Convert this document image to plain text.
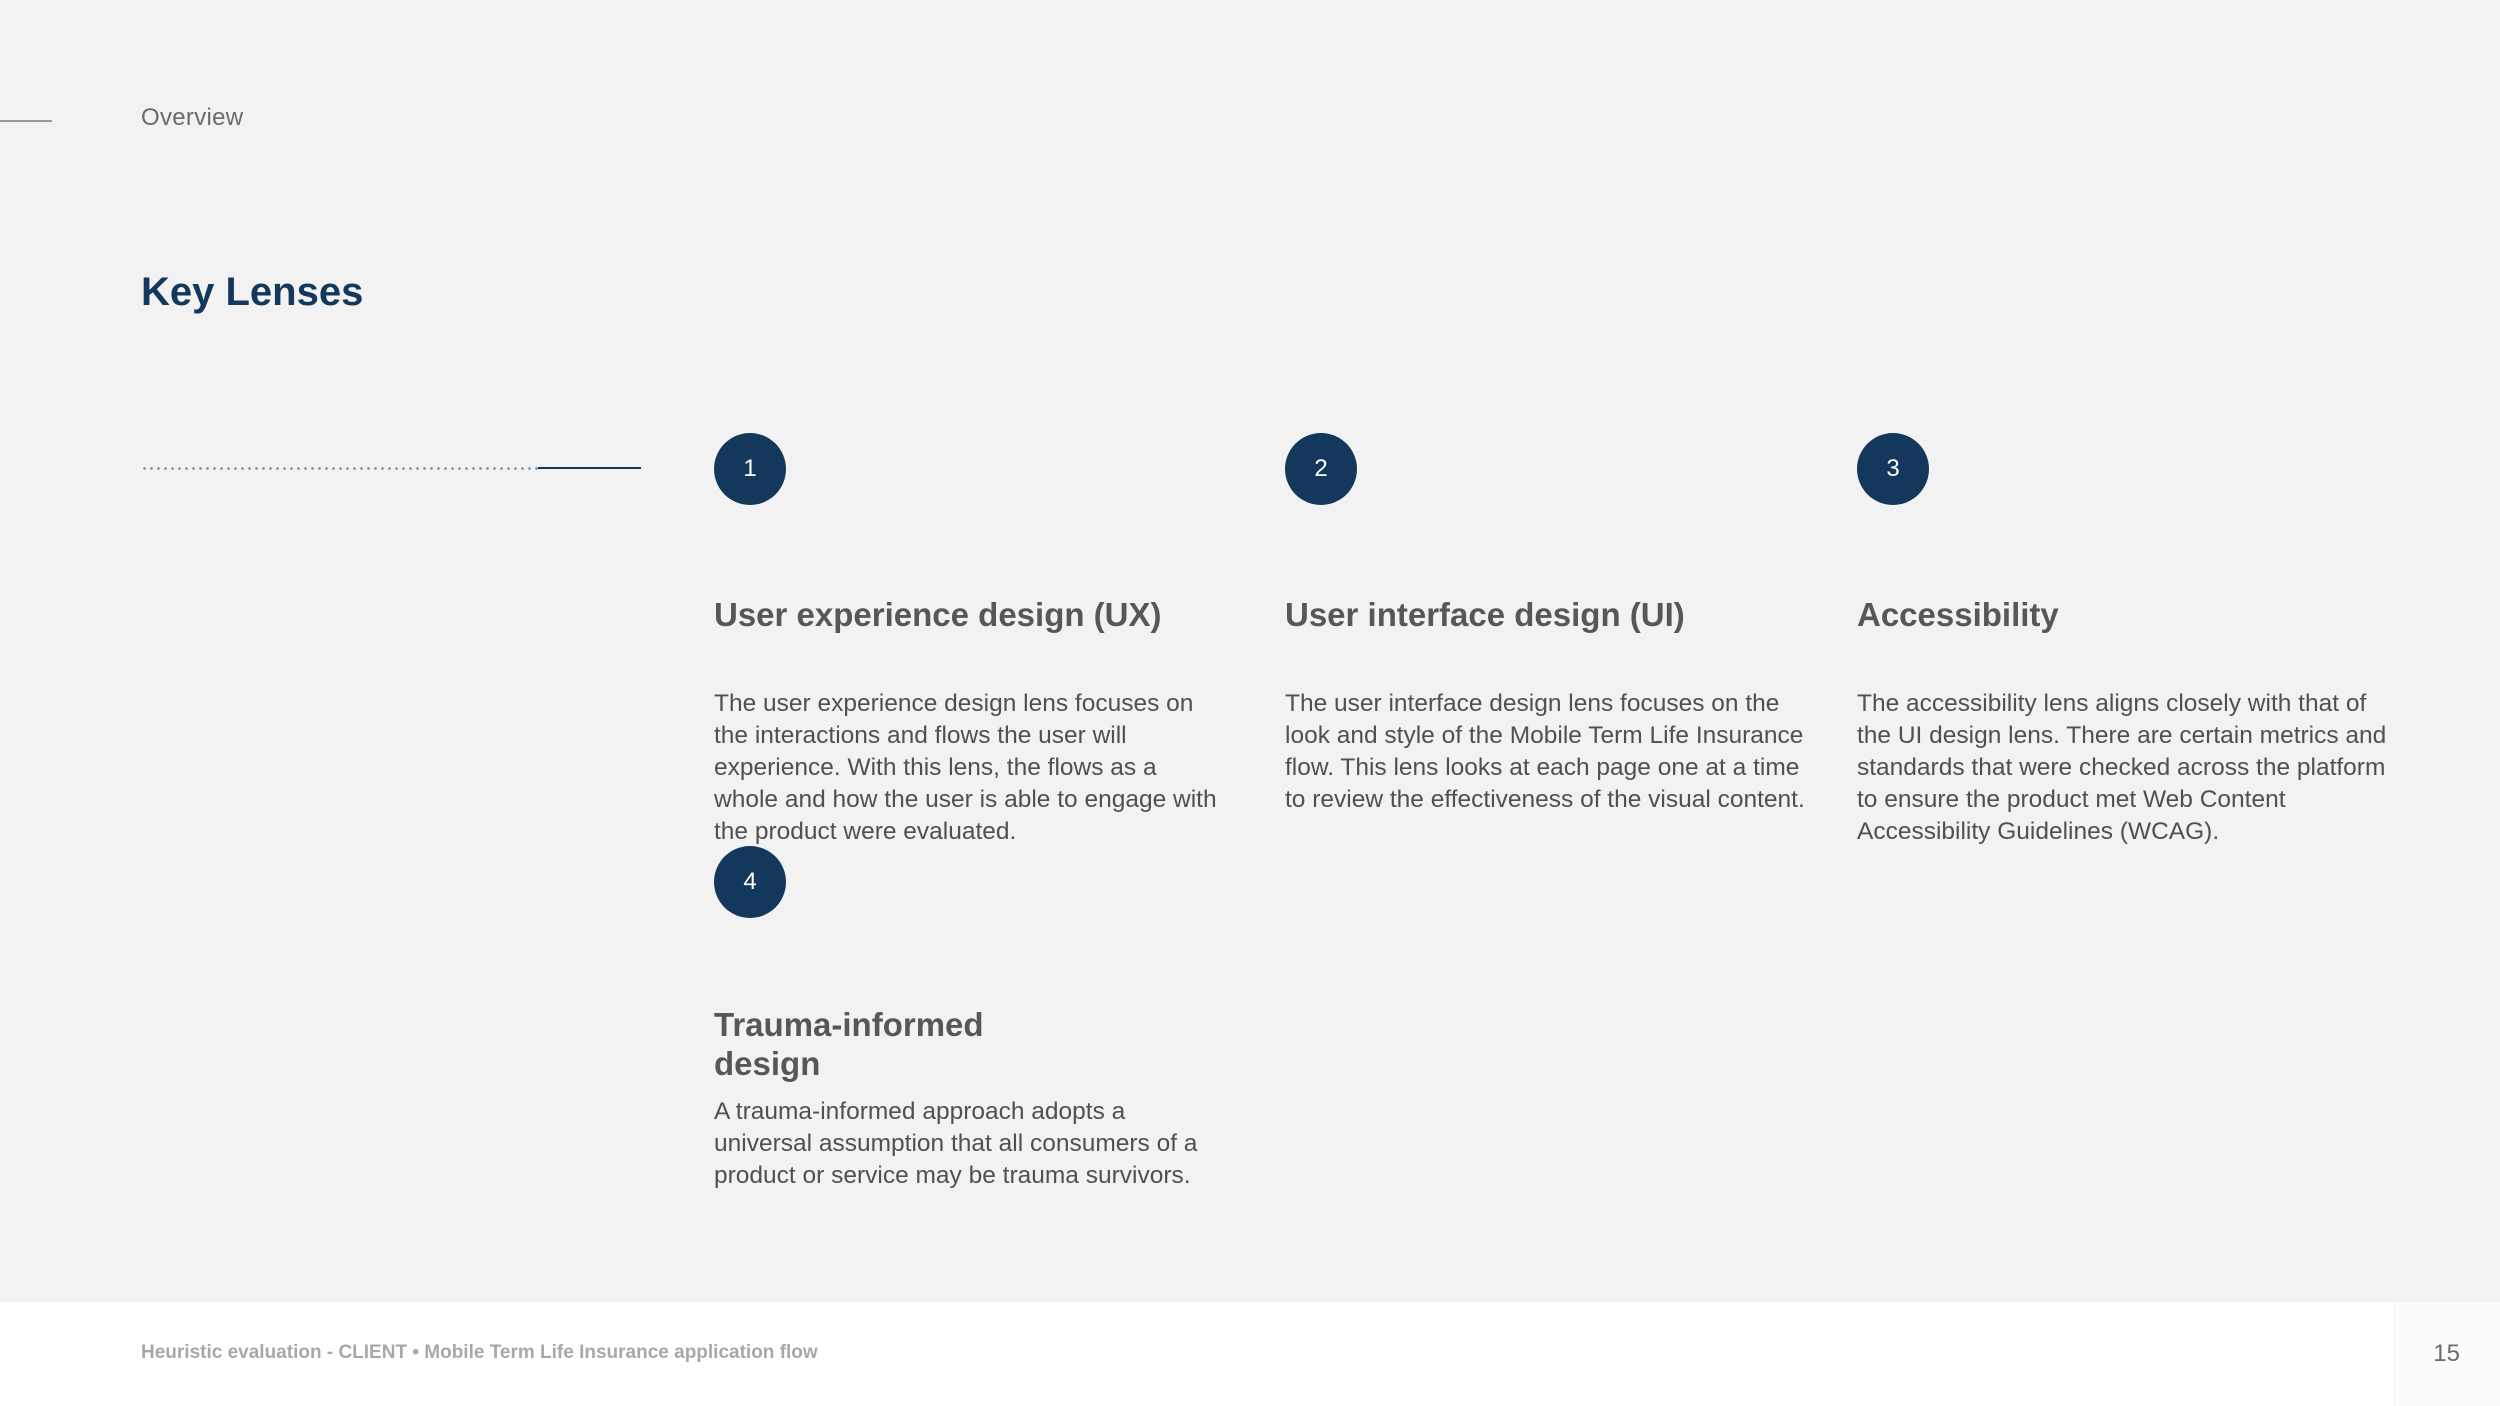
Overview
Key Lenses
1
User experience design (UX)

The user experience design lens focuses on the interactions and flows the user will experience. With this lens, the flows as a whole and how the user is able to engage with the product were evaluated.

2
User interface design (UI)

The user interface design lens focuses on the look and style of the Mobile Term Life Insurance flow. This lens looks at each page one at a time to review the effectiveness of the visual content.

3
Accessibility

The accessibility lens aligns closely with that of the UI design lens. There are certain metrics and standards that were checked across the platform to ensure the product met Web Content Accessibility Guidelines (WCAG).

4
Trauma-informed design

A trauma-informed approach adopts a universal assumption that all consumers of a product or service may be trauma survivors.

Heuristic evaluation - CLIENT • Mobile Term Life Insurance application flow	15
